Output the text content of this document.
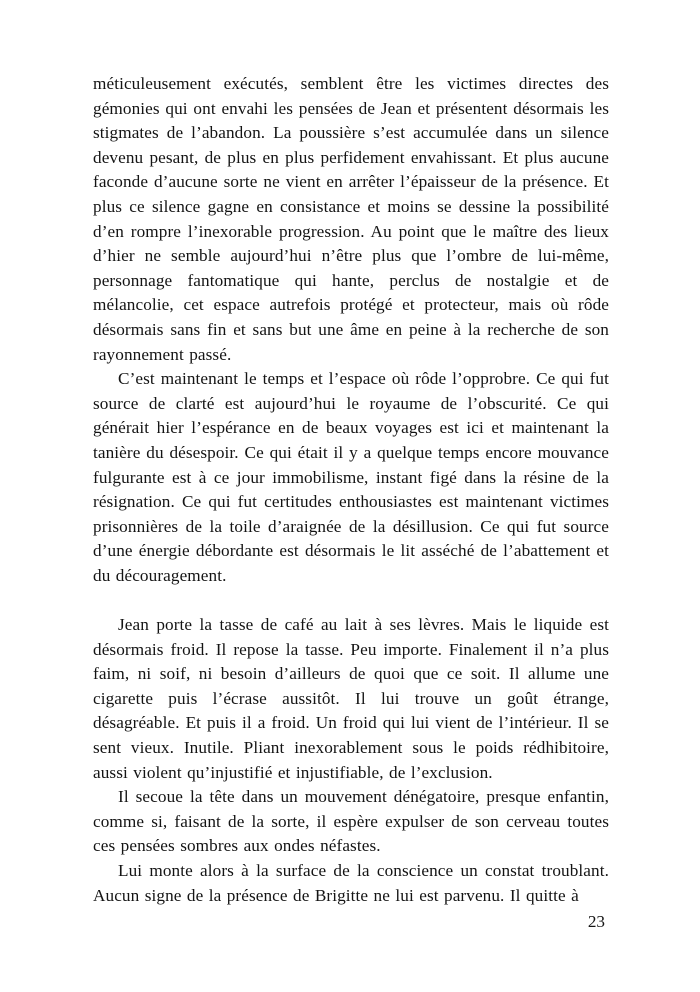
méticuleusement exécutés, semblent être les victimes directes des gémonies qui ont envahi les pensées de Jean et présentent désormais les stigmates de l’abandon. La poussière s’est accumulée dans un silence devenu pesant, de plus en plus perfidement envahissant. Et plus aucune faconde d’aucune sorte ne vient en arrêter l’épaisseur de la présence. Et plus ce silence gagne en consistance et moins se dessine la possibilité d’en rompre l’inexorable progression. Au point que le maître des lieux d’hier ne semble aujourd’hui n’être plus que l’ombre de lui-même, personnage fantomatique qui hante, perclus de nostalgie et de mélancolie, cet espace autrefois protégé et protecteur, mais où rôde désormais sans fin et sans but une âme en peine à la recherche de son rayonnement passé.

C’est maintenant le temps et l’espace où rôde l’opprobre. Ce qui fut source de clarté est aujourd’hui le royaume de l’obscurité. Ce qui générait hier l’espérance en de beaux voyages est ici et maintenant la tanière du désespoir. Ce qui était il y a quelque temps encore mouvance fulgurante est à ce jour immobilisme, instant figé dans la résine de la résignation. Ce qui fut certitudes enthousiastes est maintenant victimes prisonnières de la toile d’araignée de la désillusion. Ce qui fut source d’une énergie débordante est désormais le lit asséché de l’abattement et du découragement.

Jean porte la tasse de café au lait à ses lèvres. Mais le liquide est désormais froid. Il repose la tasse. Peu importe. Finalement il n’a plus faim, ni soif, ni besoin d’ailleurs de quoi que ce soit. Il allume une cigarette puis l’écrase aussitôt. Il lui trouve un goût étrange, désagréable. Et puis il a froid. Un froid qui lui vient de l’intérieur. Il se sent vieux. Inutile. Pliant inexorablement sous le poids rédhibitoire, aussi violent qu’injustifié et injustifiable, de l’exclusion.

Il secoue la tête dans un mouvement dénégatoire, presque enfantin, comme si, faisant de la sorte, il espère expulser de son cerveau toutes ces pensées sombres aux ondes néfastes.

Lui monte alors à la surface de la conscience un constat troublant. Aucun signe de la présence de Brigitte ne lui est parvenu. Il quitte à

23
